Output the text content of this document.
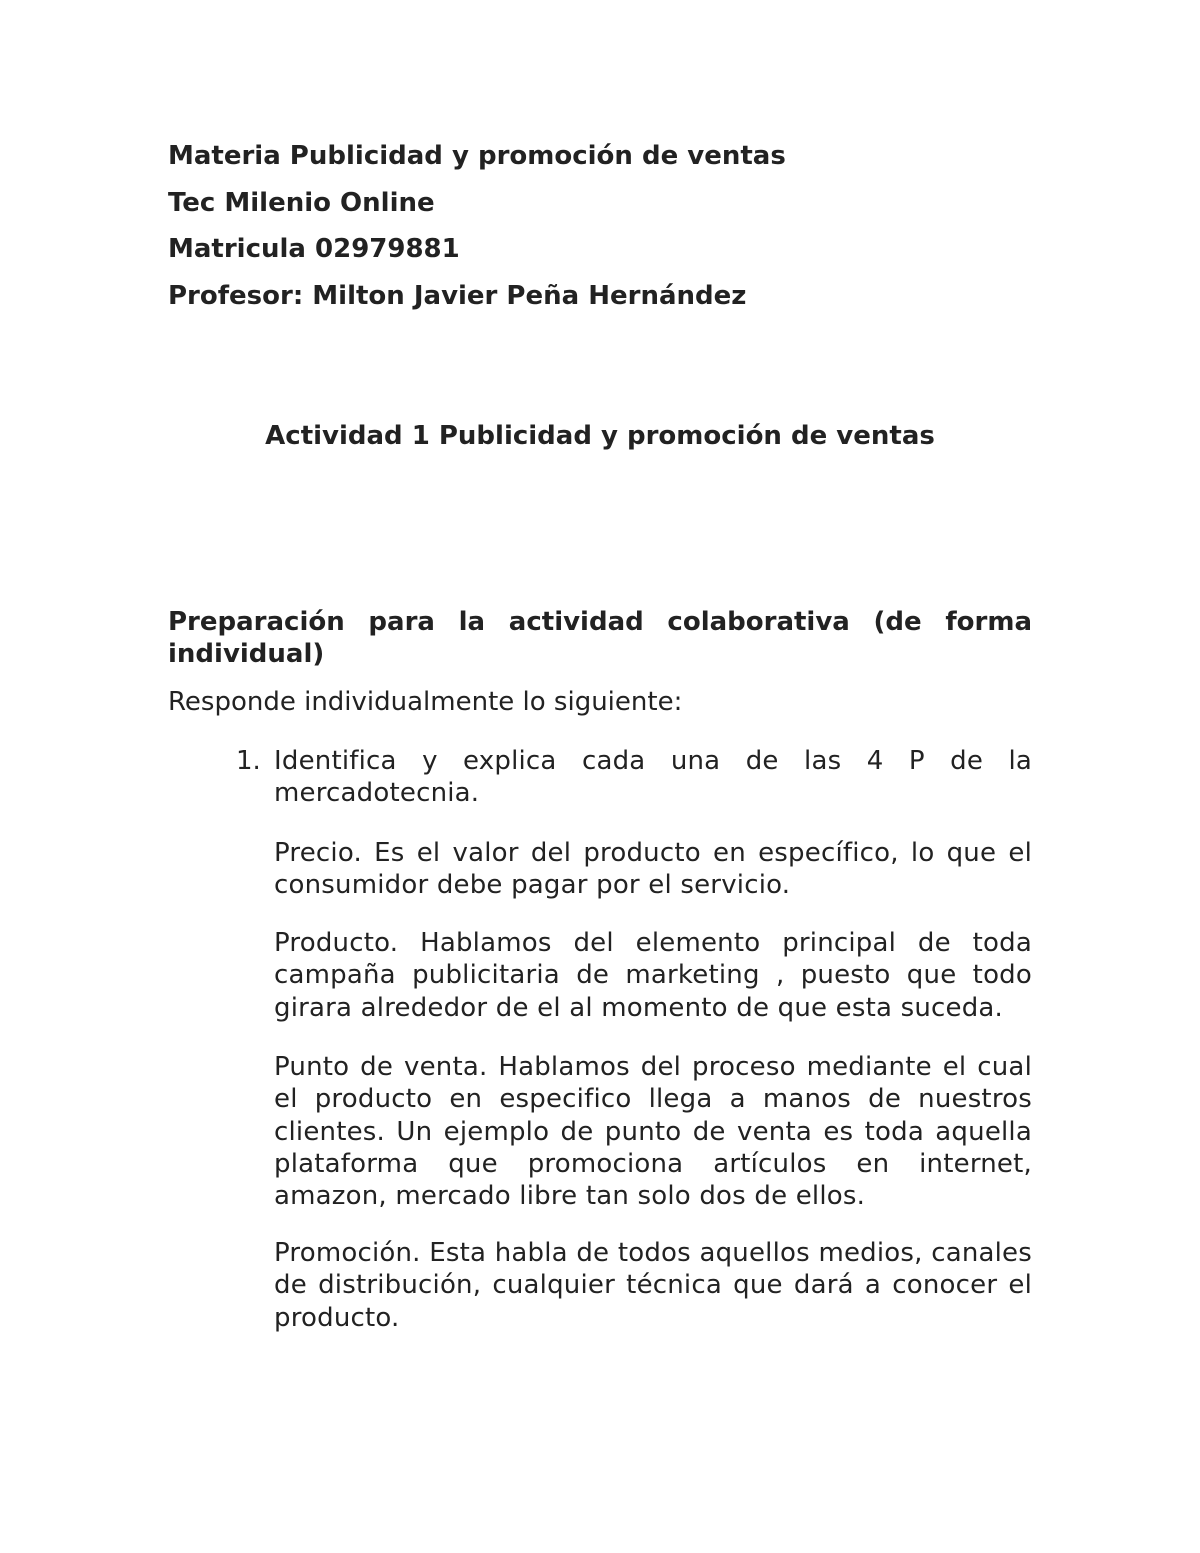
Materia Publicidad y promoción de ventas
Tec Milenio Online
Matricula 02979881
Profesor: Milton Javier Peña Hernández
Actividad 1 Publicidad y promoción de ventas
Preparación para la actividad colaborativa (de forma individual)
Responde individualmente lo siguiente:
1. Identifica y explica cada una de las 4 P de la mercadotecnia.
Precio. Es el valor del producto en específico, lo que el consumidor debe pagar por el servicio.
Producto. Hablamos del elemento principal de toda campaña publicitaria de marketing , puesto que todo girara alrededor de el al momento de que esta suceda.
Punto de venta. Hablamos del proceso mediante el cual el producto en especifico llega a manos de nuestros clientes. Un ejemplo de punto de venta es toda aquella plataforma que promociona artículos en internet, amazon, mercado libre tan solo dos de ellos.
Promoción. Esta habla de todos aquellos medios, canales de distribución, cualquier técnica que dará a conocer el producto.
